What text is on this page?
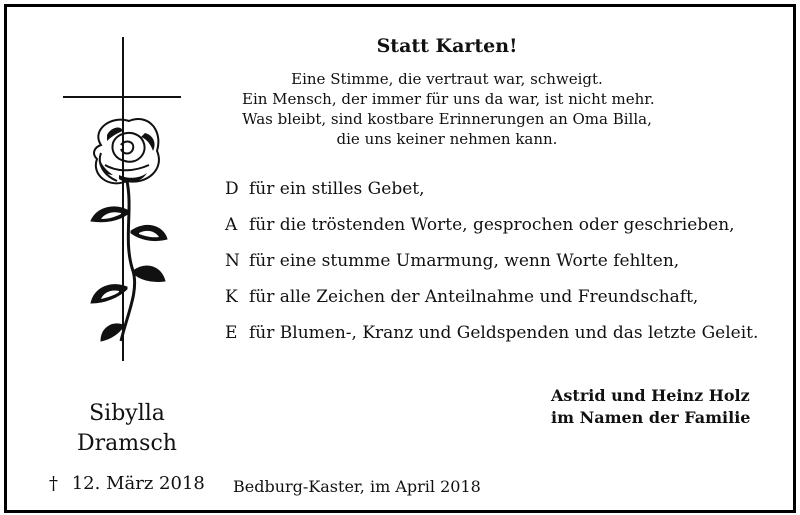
Statt Karten!
Eine Stimme, die vertraut war, schweigt.
Ein Mensch, der immer für uns da war, ist nicht mehr.
Was bleibt, sind kostbare Erinnerungen an Oma Billa,
die uns keiner nehmen kann.
D für ein stilles Gebet,
A für die tröstenden Worte, gesprochen oder geschrieben,
N für eine stumme Umarmung, wenn Worte fehlten,
K für alle Zeichen der Anteilnahme und Freundschaft,
E für Blumen-, Kranz und Geldspenden und das letzte Geleit.
Astrid und Heinz Holz
im Namen der Familie
Sibylla
Dramsch
† 12. März 2018 Bedburg-Kaster, im April 2018
